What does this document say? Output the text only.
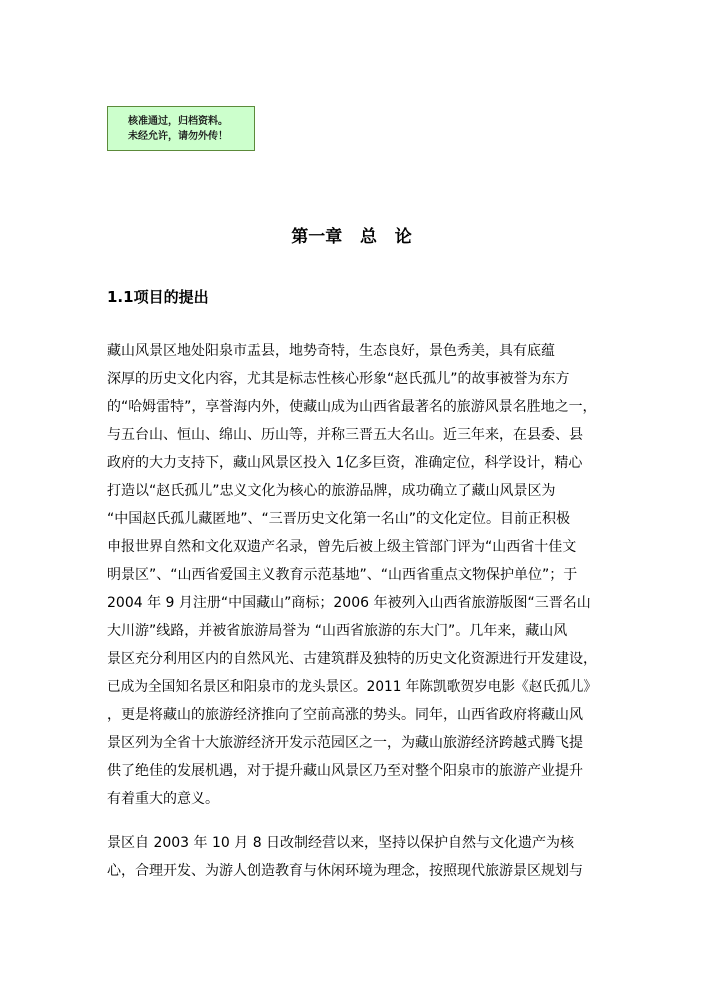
核准通过，归档资料。
未经允许，请勿外传！
第一章   总   论
1.1项目的提出
藏山风景区地处阳泉市盂县，地势奇特，生态良好，景色秀美，具有底蕴
深厚的历史文化内容，尤其是标志性核心形象“赵氏孤儿”的故事被誉为东方
的“哈姆雷特”，享誉海内外，使藏山成为山西省最著名的旅游风景名胜地之一，
与五台山、恒山、绵山、历山等，并称三晋五大名山。近三年来，在县委、县
政府的大力支持下，藏山风景区投入 1亿多巨资，准确定位，科学设计，精心
打造以“赵氏孤儿”忠义文化为核心的旅游品牌，成功确立了藏山风景区为
“中国赵氏孤儿藏匿地”、“三晋历史文化第一名山”的文化定位。目前正积极
申报世界自然和文化双遗产名录，曾先后被上级主管部门评为“山西省十佳文
明景区”、“山西省爱国主义教育示范基地”、“山西省重点文物保护单位”；于
2004 年 9 月注册“中国藏山”商标；2006 年被列入山西省旅游版图“三晋名山
大川游”线路，并被省旅游局誉为 “山西省旅游的东大门”。几年来，藏山风
景区充分利用区内的自然风光、古建筑群及独特的历史文化资源进行开发建设，
已成为全国知名景区和阳泉市的龙头景区。2011 年陈凯歌贺岁电影《赵氏孤儿》
，更是将藏山的旅游经济推向了空前高涨的势头。同年，山西省政府将藏山风
景区列为全省十大旅游经济开发示范园区之一，为藏山旅游经济跨越式腾飞提
供了绝佳的发展机遇，对于提升藏山风景区乃至对整个阳泉市的旅游产业提升
有着重大的意义。
景区自 2003 年 10 月 8 日改制经营以来，坚持以保护自然与文化遗产为核
心，合理开发、为游人创造教育与休闲环境为理念，按照现代旅游景区规划与
